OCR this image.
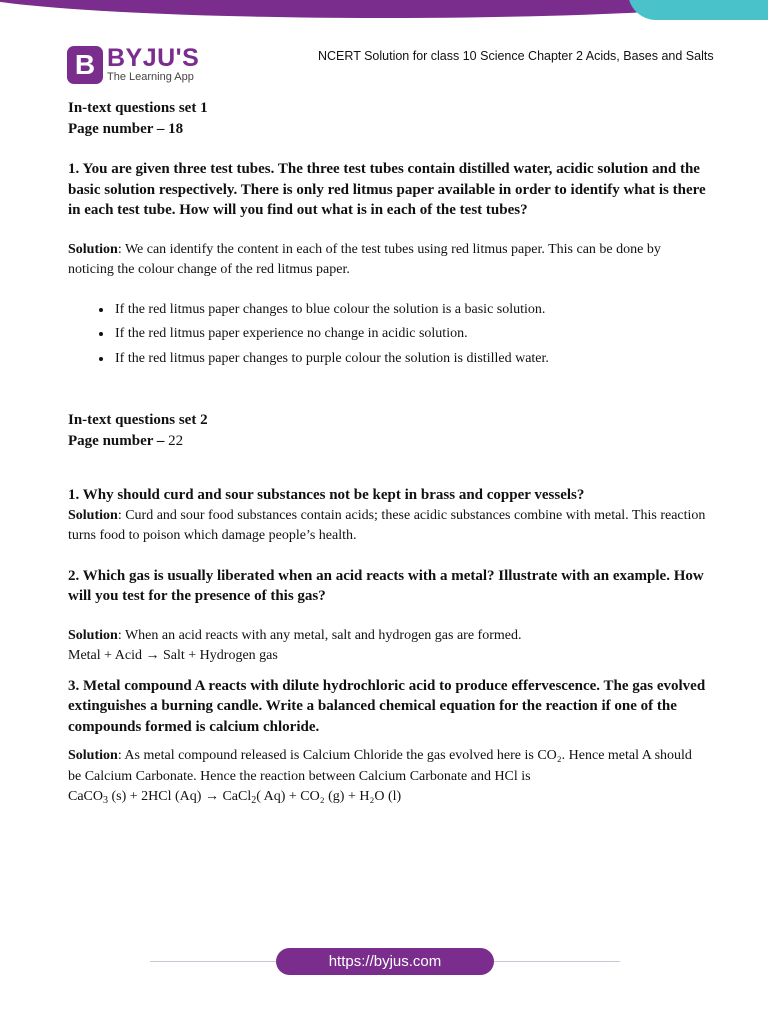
B BYJU'S
The Learning App
NCERT Solution for class 10 Science Chapter 2 Acids, Bases and Salts

In-text questions set 1

Page number – 18

1. You are given three test tubes. The three test tubes contain distilled water, acidic solution and the basic solution respectively. There is only red litmus paper available in order to identify what is there in each test tube. How will you find out what is in each of the test tubes?

Solution: We can identify the content in each of the test tubes using red litmus paper. This can be done by noticing the colour change of the red litmus paper.

• If the red litmus paper changes to blue colour the solution is a basic solution.
• If the red litmus paper experience no change in acidic solution.
• If the red litmus paper changes to purple colour the solution is distilled water.

In-text questions set 2

Page number – 22

1. Why should curd and sour substances not be kept in brass and copper vessels?

Solution: Curd and sour food substances contain acids; these acidic substances combine with metal. This reaction turns food to poison which damage people’s health.

2. Which gas is usually liberated when an acid reacts with a metal? Illustrate with an example. How will you test for the presence of this gas?

Solution: When an acid reacts with any metal, salt and hydrogen gas are formed.

Metal + Acid → Salt + Hydrogen gas

3. Metal compound A reacts with dilute hydrochloric acid to produce effervescence. The gas evolved extinguishes a burning candle. Write a balanced chemical equation for the reaction if one of the compounds formed is calcium chloride.

Solution: As metal compound released is Calcium Chloride the gas evolved here is CO₂. Hence metal A should be Calcium Carbonate. Hence the reaction between Calcium Carbonate and HCl is

CaCO$_3$ (s) + 2HCl (Aq) → CaCl$_2$( Aq) + CO₂ (g) + H₂O (l)

https://byjus.com
